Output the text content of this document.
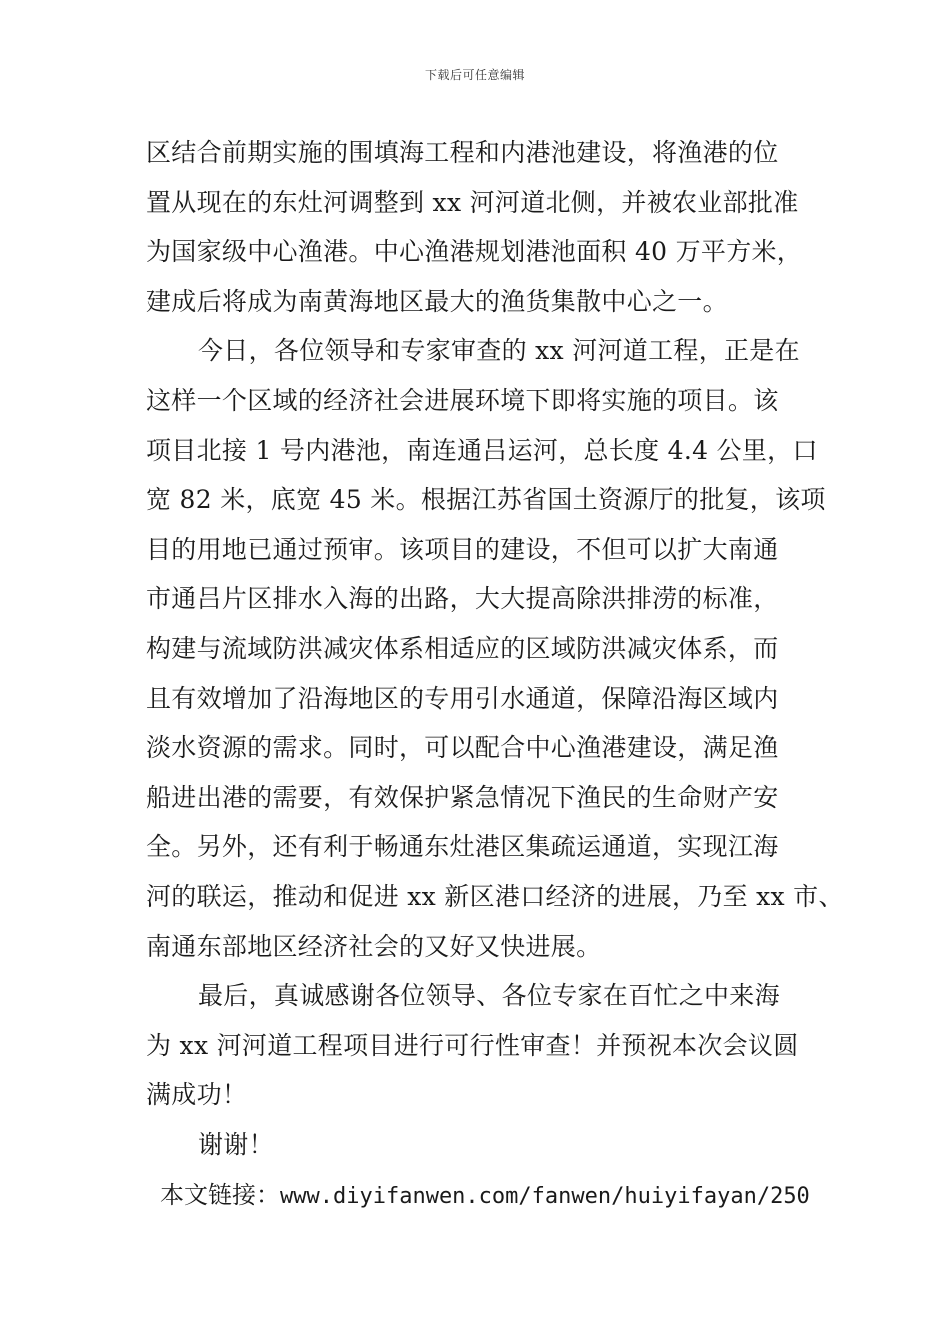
下载后可任意编辑
区结合前期实施的围填海工程和内港池建设，将渔港的位
置从现在的东灶河调整到 xx 河河道北侧，并被农业部批准
为国家级中心渔港。中心渔港规划港池面积 40 万平方米，
建成后将成为南黄海地区最大的渔货集散中心之一。
今日，各位领导和专家审查的 xx 河河道工程，正是在
这样一个区域的经济社会进展环境下即将实施的项目。该
项目北接 1 号内港池，南连通吕运河，总长度 4.4 公里，口
宽 82 米，底宽 45 米。根据江苏省国土资源厅的批复，该项
目的用地已通过预审。该项目的建设，不但可以扩大南通
市通吕片区排水入海的出路，大大提高除洪排涝的标准，
构建与流域防洪减灾体系相适应的区域防洪减灾体系，而
且有效增加了沿海地区的专用引水通道，保障沿海区域内
淡水资源的需求。同时，可以配合中心渔港建设，满足渔
船进出港的需要，有效保护紧急情况下渔民的生命财产安
全。另外，还有利于畅通东灶港区集疏运通道，实现江海
河的联运，推动和促进 xx 新区港口经济的进展，乃至 xx 市、
南通东部地区经济社会的又好又快进展。
最后，真诚感谢各位领导、各位专家在百忙之中来海
为 xx 河河道工程项目进行可行性审查！并预祝本次会议圆
满成功！
谢谢！
本文链接：www.diyifanwen.com/fanwen/huiyifayan/250
